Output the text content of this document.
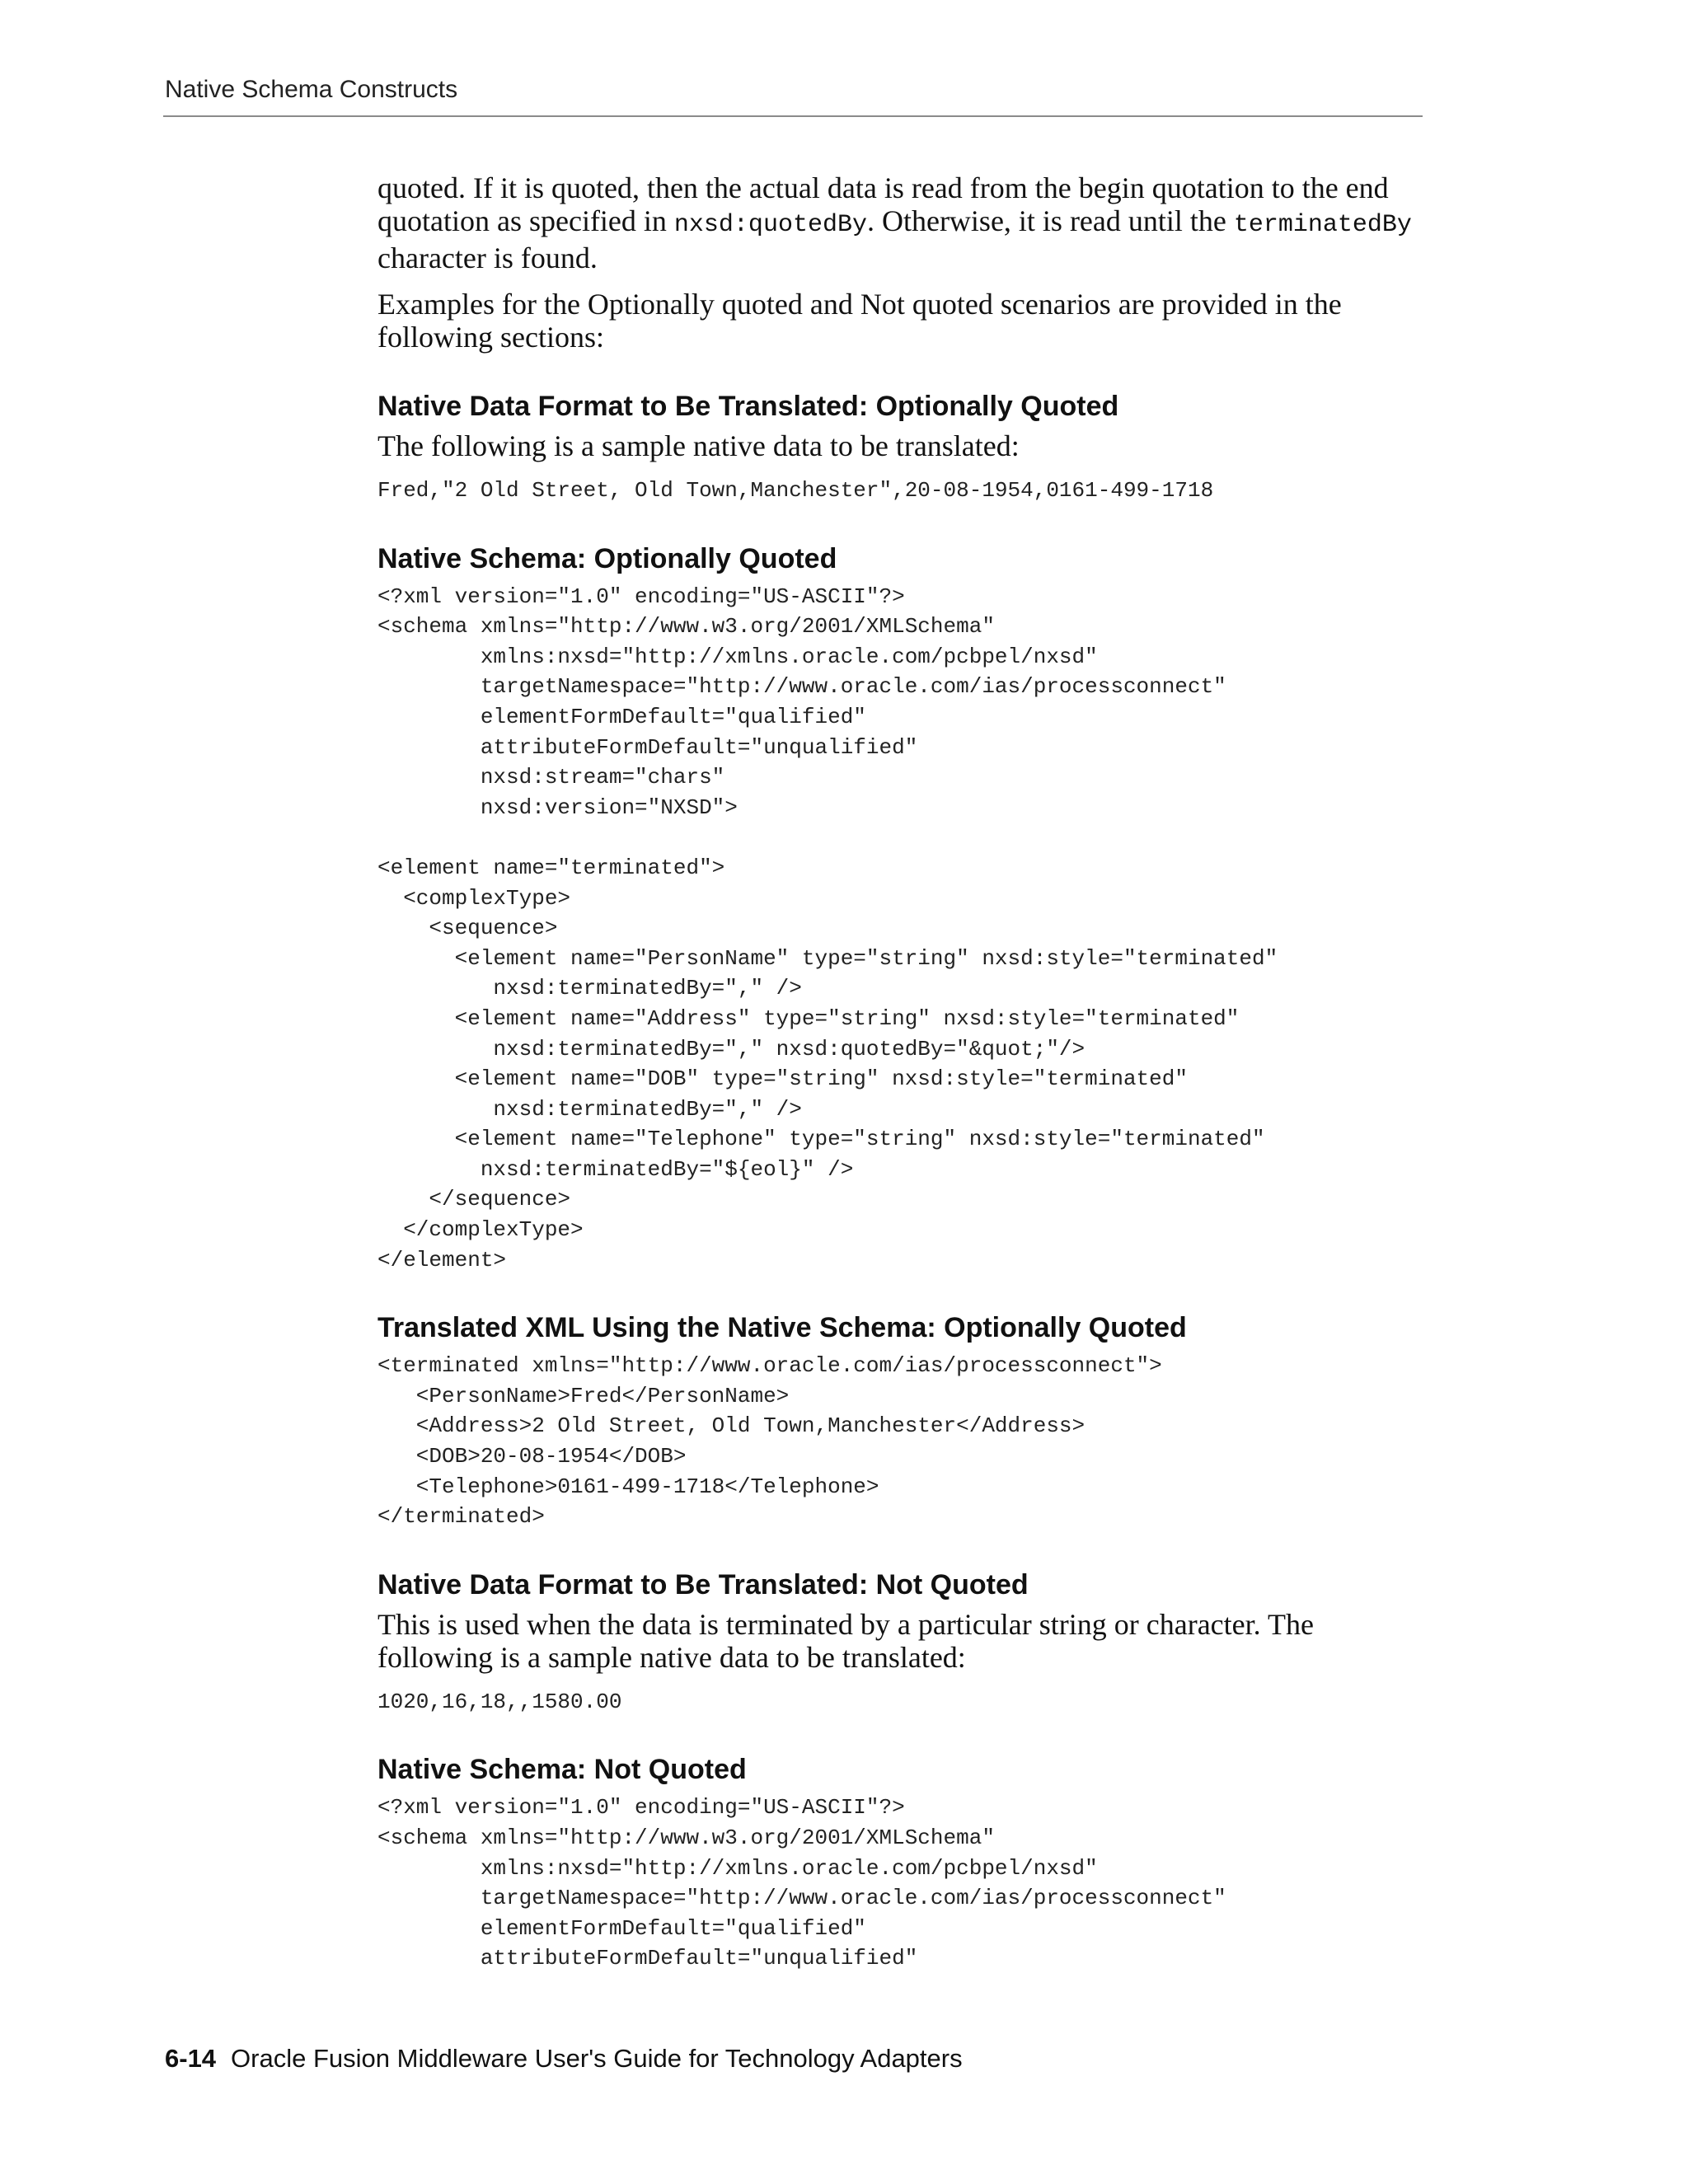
Native Schema Constructs

quoted. If it is quoted, then the actual data is read from the begin quotation to the end quotation as specified in nxsd:quotedBy. Otherwise, it is read until the terminatedBy character is found.

Examples for the Optionally quoted and Not quoted scenarios are provided in the following sections:

Native Data Format to Be Translated: Optionally Quoted

The following is a sample native data to be translated:

Fred,"2 Old Street, Old Town,Manchester",20-08-1954,0161-499-1718
Native Schema: Optionally Quoted
<?xml version="1.0" encoding="US-ASCII"?>
<schema xmlns="http://www.w3.org/2001/XMLSchema"
xmlns:nxsd="http://xmlns.oracle.com/pcbpel/nxsd"
targetNamespace="http://www.oracle.com/ias/processconnect"
elementFormDefault="qualified"
attributeFormDefault="unqualified"
nxsd:stream="chars"
nxsd:version="NXSD">

<element name="terminated">
<complexType>
<sequence>
<element name="PersonName" type="string" nxsd:style="terminated"
nxsd:terminatedBy="," />
<element name="Address" type="string" nxsd:style="terminated"
nxsd:terminatedBy="," nxsd:quotedBy="&quot;"/>
<element name="DOB" type="string" nxsd:style="terminated"
nxsd:terminatedBy="," />
<element name="Telephone" type="string" nxsd:style="terminated"
nxsd:terminatedBy="${eol}" />
</sequence>
</complexType>
</element>
Translated XML Using the Native Schema: Optionally Quoted
<terminated xmlns="http://www.oracle.com/ias/processconnect">
<PersonName>Fred</PersonName>
<Address>2 Old Street, Old Town,Manchester</Address>
<DOB>20-08-1954</DOB>
<Telephone>0161-499-1718</Telephone>
</terminated>
Native Data Format to Be Translated: Not Quoted

This is used when the data is terminated by a particular string or character. The following is a sample native data to be translated:

1020,16,18,,1580.00
Native Schema: Not Quoted
<?xml version="1.0" encoding="US-ASCII"?>
<schema xmlns="http://www.w3.org/2001/XMLSchema"
xmlns:nxsd="http://xmlns.oracle.com/pcbpel/nxsd"
targetNamespace="http://www.oracle.com/ias/processconnect"
elementFormDefault="qualified"
attributeFormDefault="unqualified"
6-14 Oracle Fusion Middleware User's Guide for Technology Adapters
